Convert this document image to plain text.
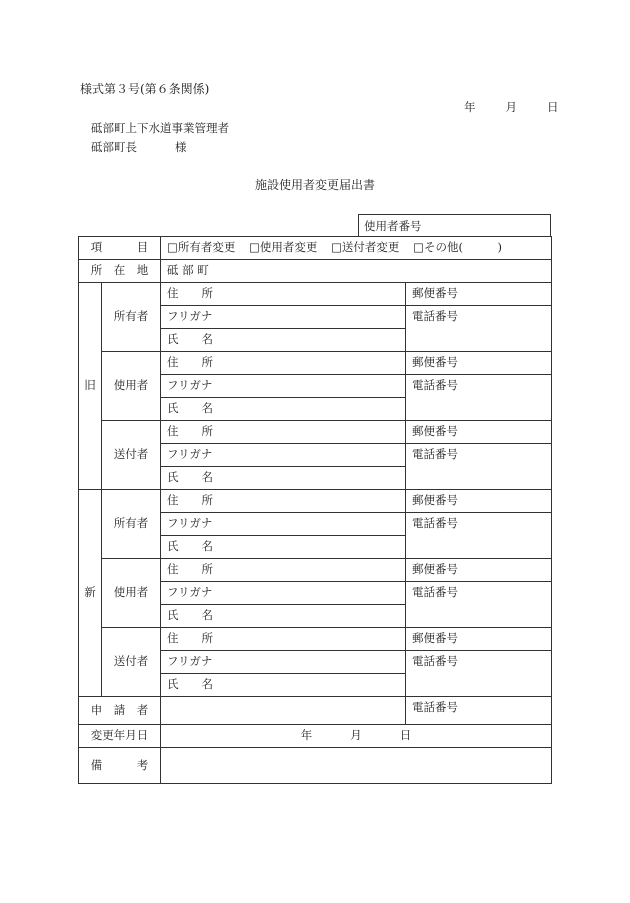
様式第３号(第６条関係)
年	月	日
砥部町上下水道事業管理者
砥部町長	様
施設使用者変更届出書
使用者番号
項　　　目		□所有者変更 □使用者変更 □送付者変更 □その他(　　　)	
所　在　地		砥 部 町	
旧	所有者	住　　所	郵便番号
		フリガナ	電話番号
		氏　　名	
	使用者	住　　所	郵便番号
		フリガナ	電話番号
		氏　　名	
	送付者	住　　所	郵便番号
		フリガナ	電話番号
		氏　　名	
新	所有者	住　　所	郵便番号
		フリガナ	電話番号
		氏　　名	
	使用者	住　　所	郵便番号
		フリガナ	電話番号
		氏　　名	
	送付者	住　　所	郵便番号
		フリガナ	電話番号
		氏　　名	
申　請　者			電話番号
変更年月日		年 月 日	
備　　　考			
